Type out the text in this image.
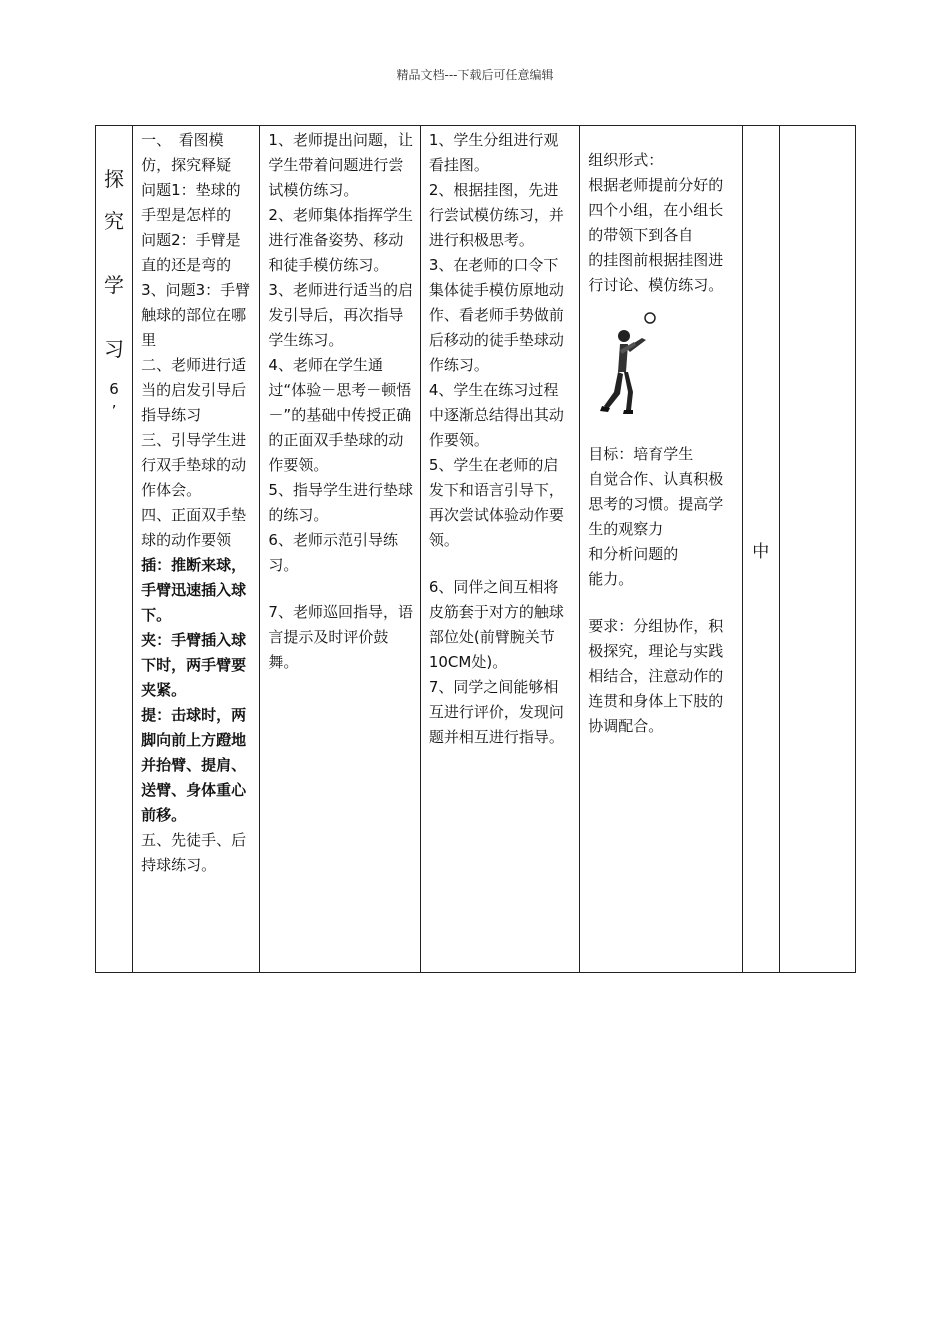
精品文档---下载后可任意编辑
探
究
学
习
6
’

一、　看图模仿，探究释疑
问题1：垫球的手型是怎样的
问题2：手臂是直的还是弯的
3、问题3：手臂触球的部位在哪里
二、老师进行适当的启发引导后指导练习
三、引导学生进行双手垫球的动作体会。
四、正面双手垫球的动作要领
插：推断来球，手臂迅速插入球下。
夹：手臂插入球下时，两手臂要夹紧。
提：击球时，两脚向前上方蹬地并抬臂、提肩、送臂、身体重心前移。
五、先徒手、后持球练习。

1、老师提出问题，让学生带着问题进行尝试模仿练习。
2、老师集体指挥学生进行准备姿势、移动和徒手模仿练习。
3、老师进行适当的启发引导后，再次指导学生练习。
4、老师在学生通过“体验－思考－顿悟－”的基础中传授正确的正面双手垫球的动作要领。
5、指导学生进行垫球的练习。
6、老师示范引导练习。
7、老师巡回指导，语言提示及时评价鼓舞。

1、学生分组进行观看挂图。
2、根据挂图，先进行尝试模仿练习，并进行积极思考。
3、在老师的口令下集体徒手模仿原地动作、看老师手势做前后移动的徒手垫球动作练习。
4、学生在练习过程中逐渐总结得出其动作要领。
5、学生在老师的启发下和语言引导下，再次尝试体验动作要领。
6、同伴之间互相将皮筋套于对方的触球部位处(前臂腕关节10CM处)。
7、同学之间能够相互进行评价，发现问题并相互进行指导。

组织形式：
根据老师提前分好的四个小组，在小组长的带领下到各自
的挂图前根据挂图进
行讨论、模仿练习。
目标：培育学生
自觉合作、认真积极思考的习惯。提高学生的观察力
和分析问题的
能力。
要求：分组协作，积极探究，理论与实践相结合，注意动作的连贯和身体上下肢的协调配合。
	中	
